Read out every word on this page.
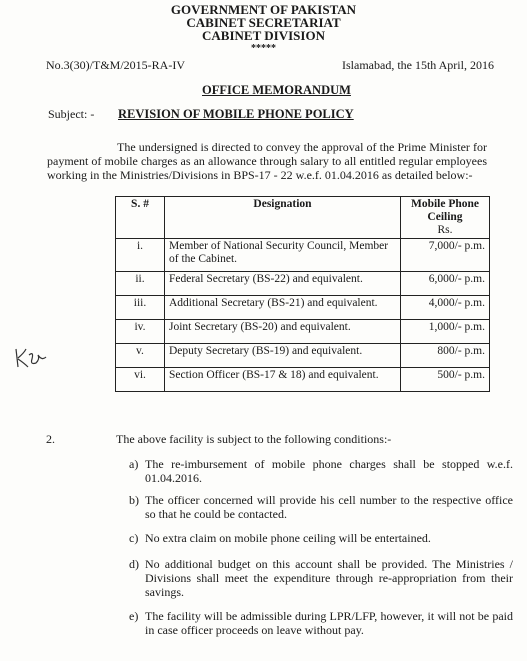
GOVERNMENT OF PAKISTAN
CABINET SECRETARIAT
CABINET DIVISION
*****
No.3(30)/T&M/2015-RA-IV	Islamabad, the 15th April, 2016
OFFICE MEMORANDUM
Subject: - REVISION OF MOBILE PHONE POLICY
The undersigned is directed to convey the approval of the Prime Minister for payment of mobile charges as an allowance through salary to all entitled regular employees working in the Ministries/Divisions in BPS-17 - 22 w.e.f. 01.04.2016 as detailed below:-
S. #	Designation	Mobile Phone
Ceiling
Rs.

i.	Member of National Security Council, Member of the Cabinet.	7,000/- p.m.
ii.	Federal Secretary (BS-22) and equivalent.	6,000/- p.m.
iii.	Additional Secretary (BS-21) and equivalent.	4,000/- p.m.
iv.	Joint Secretary (BS-20) and equivalent.	1,000/- p.m.
v.	Deputy Secretary (BS-19) and equivalent.	800/- p.m.
vi.	Section Officer (BS-17 & 18) and equivalent.	500/- p.m.
2.	The above facility is subject to the following conditions:-
a) The re-imbursement of mobile phone charges shall be stopped w.e.f. 01.04.2016.
b) The officer concerned will provide his cell number to the respective office so that he could be contacted.
c) No extra claim on mobile phone ceiling will be entertained.
d) No additional budget on this account shall be provided. The Ministries / Divisions shall meet the expenditure through re-appropriation from their savings.
e) The facility will be admissible during LPR/LFP, however, it will not be paid in case officer proceeds on leave without pay.
